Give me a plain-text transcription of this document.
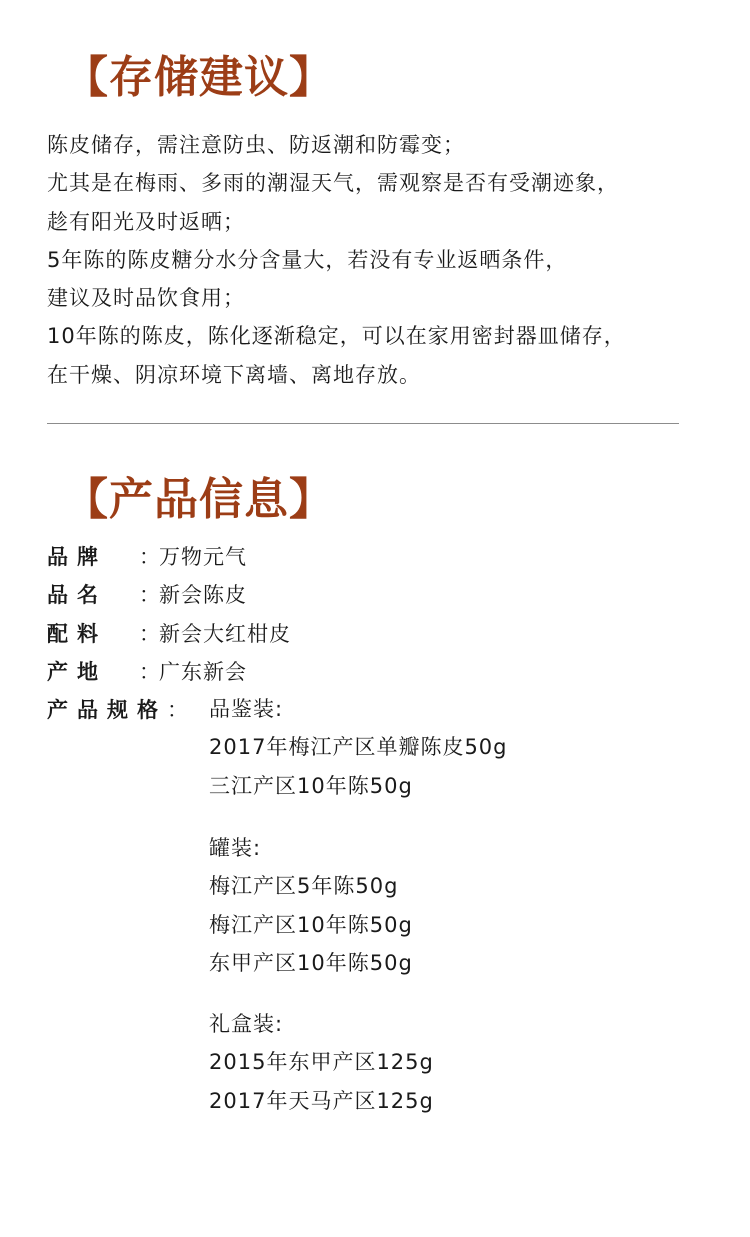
【存储建议】
陈皮储存，需注意防虫、防返潮和防霉变；
尤其是在梅雨、多雨的潮湿天气，需观察是否有受潮迹象，
趁有阳光及时返晒；
5年陈的陈皮糖分水分含量大，若没有专业返晒条件，
建议及时品饮食用；
10年陈的陈皮，陈化逐渐稳定，可以在家用密封器皿储存，
在干燥、阴凉环境下离墙、离地存放。
【产品信息】
品牌	： 万物元气
品名	： 新会陈皮
配料	： 新会大红柑皮
产地	： 广东新会
产品规格 ： 品鉴装:
2017年梅江产区单瓣陈皮50g
三江产区10年陈50g
罐装:
梅江产区5年陈50g
梅江产区10年陈50g
东甲产区10年陈50g
礼盒装:
2015年东甲产区125g
2017年天马产区125g
